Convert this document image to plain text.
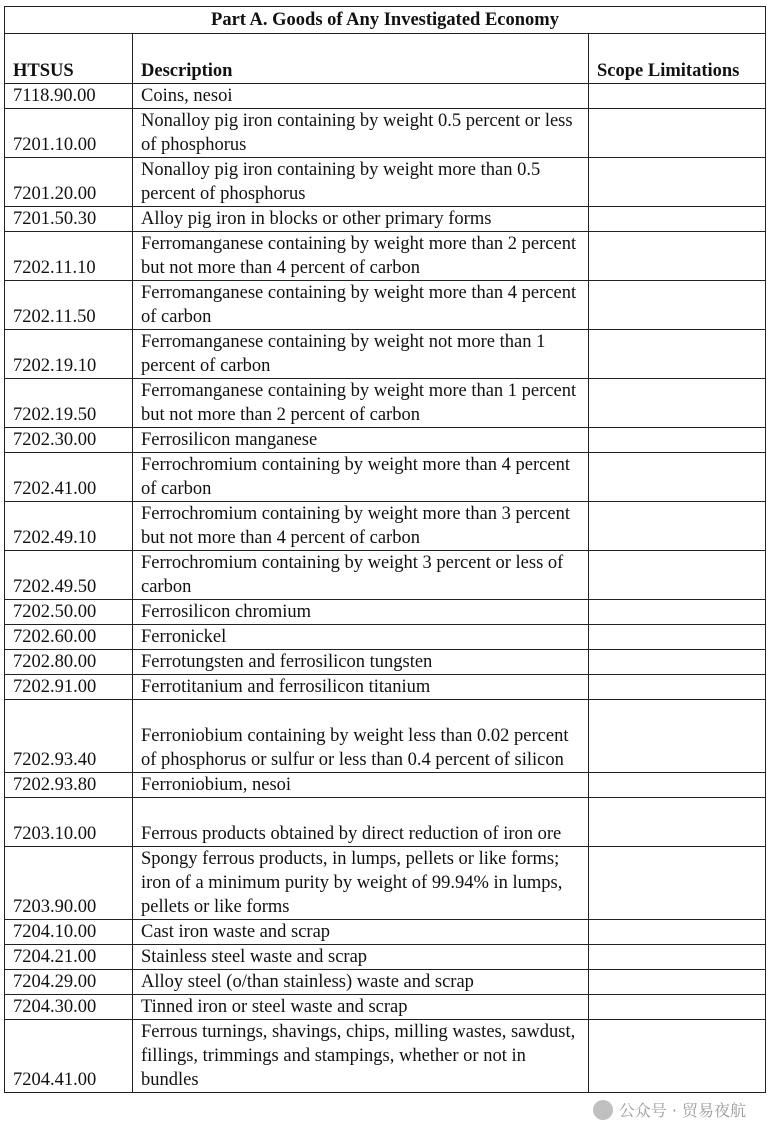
Part A. Goods of Any Investigated Economy		
HTSUS	Description	Scope Limitations
7118.90.00	Coins, nesoi	
7201.10.00	Nonalloy pig iron containing by weight 0.5 percent or less of phosphorus	
7201.20.00	Nonalloy pig iron containing by weight more than 0.5 percent of phosphorus	
7201.50.30	Alloy pig iron in blocks or other primary forms	
7202.11.10	Ferromanganese containing by weight more than 2 percent but not more than 4 percent of carbon	
7202.11.50	Ferromanganese containing by weight more than 4 percent of carbon	
7202.19.10	Ferromanganese containing by weight not more than 1 percent of carbon	
7202.19.50	Ferromanganese containing by weight more than 1 percent but not more than 2 percent of carbon	
7202.30.00	Ferrosilicon manganese	
7202.41.00	Ferrochromium containing by weight more than 4 percent of carbon	
7202.49.10	Ferrochromium containing by weight more than 3 percent but not more than 4 percent of carbon	
7202.49.50	Ferrochromium containing by weight 3 percent or less of carbon	
7202.50.00	Ferrosilicon chromium	
7202.60.00	Ferronickel	
7202.80.00	Ferrotungsten and ferrosilicon tungsten	
7202.91.00	Ferrotitanium and ferrosilicon titanium	
7202.93.40	Ferroniobium containing by weight less than 0.02 percent of phosphorus or sulfur or less than 0.4 percent of silicon	
7202.93.80	Ferroniobium, nesoi	
7203.10.00	Ferrous products obtained by direct reduction of iron ore	
7203.90.00	Spongy ferrous products, in lumps, pellets or like forms; iron of a minimum purity by weight of 99.94% in lumps, pellets or like forms	
7204.10.00	Cast iron waste and scrap	
7204.21.00	Stainless steel waste and scrap	
7204.29.00	Alloy steel (o/than stainless) waste and scrap	
7204.30.00	Tinned iron or steel waste and scrap	
7204.41.00	Ferrous turnings, shavings, chips, milling wastes, sawdust, fillings, trimmings and stampings, whether or not in bundles	
公众号 · 贸易夜航
